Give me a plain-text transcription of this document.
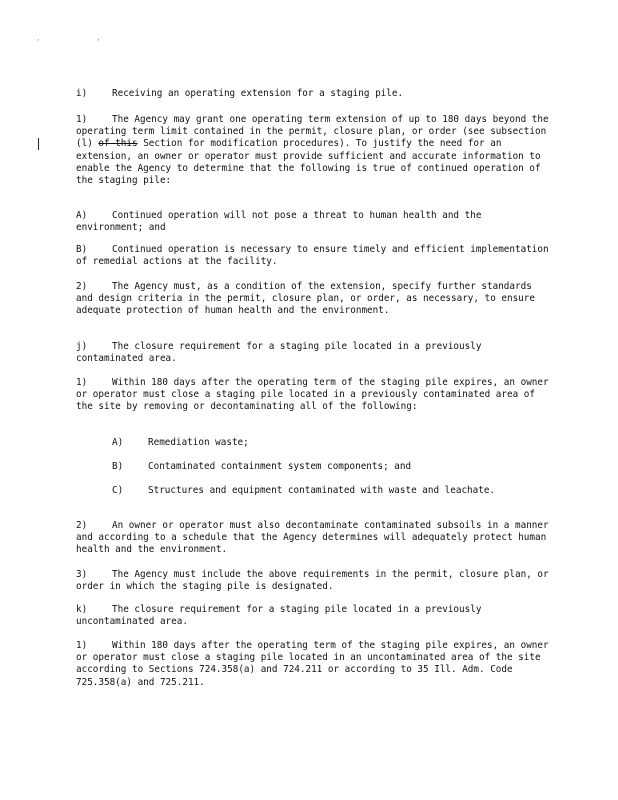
, ,
i)	Receiving an operating extension for a staging pile.
1)	The Agency may grant one operating term extension of up to 180 days beyond the operating term limit contained in the permit, closure plan, or order (see subsection (l) of this Section for modification procedures). To justify the need for an extension, an owner or operator must provide sufficient and accurate information to enable the Agency to determine that the following is true of continued operation of the staging pile:
A)	Continued operation will not pose a threat to human health and the environment; and
B)	Continued operation is necessary to ensure timely and efficient implementation of remedial actions at the facility.
2)	The Agency must, as a condition of the extension, specify further standards and design criteria in the permit, closure plan, or order, as necessary, to ensure adequate protection of human health and the environment.
j)	The closure requirement for a staging pile located in a previously contaminated area.
1)	Within 180 days after the operating term of the staging pile expires, an owner or operator must close a staging pile located in a previously contaminated area of the site by removing or decontaminating all of the following:
A)	Remediation waste;
B)	Contaminated containment system components; and
C)	Structures and equipment contaminated with waste and leachate.
2)	An owner or operator must also decontaminate contaminated subsoils in a manner and according to a schedule that the Agency determines will adequately protect human health and the environment.
3)	The Agency must include the above requirements in the permit, closure plan, or order in which the staging pile is designated.
k)	The closure requirement for a staging pile located in a previously uncontaminated area.
1)	Within 180 days after the operating term of the staging pile expires, an owner or operator must close a staging pile located in an uncontaminated area of the site according to Sections 724.358(a) and 724.211 or according to 35 Ill. Adm. Code 725.358(a) and 725.211.
